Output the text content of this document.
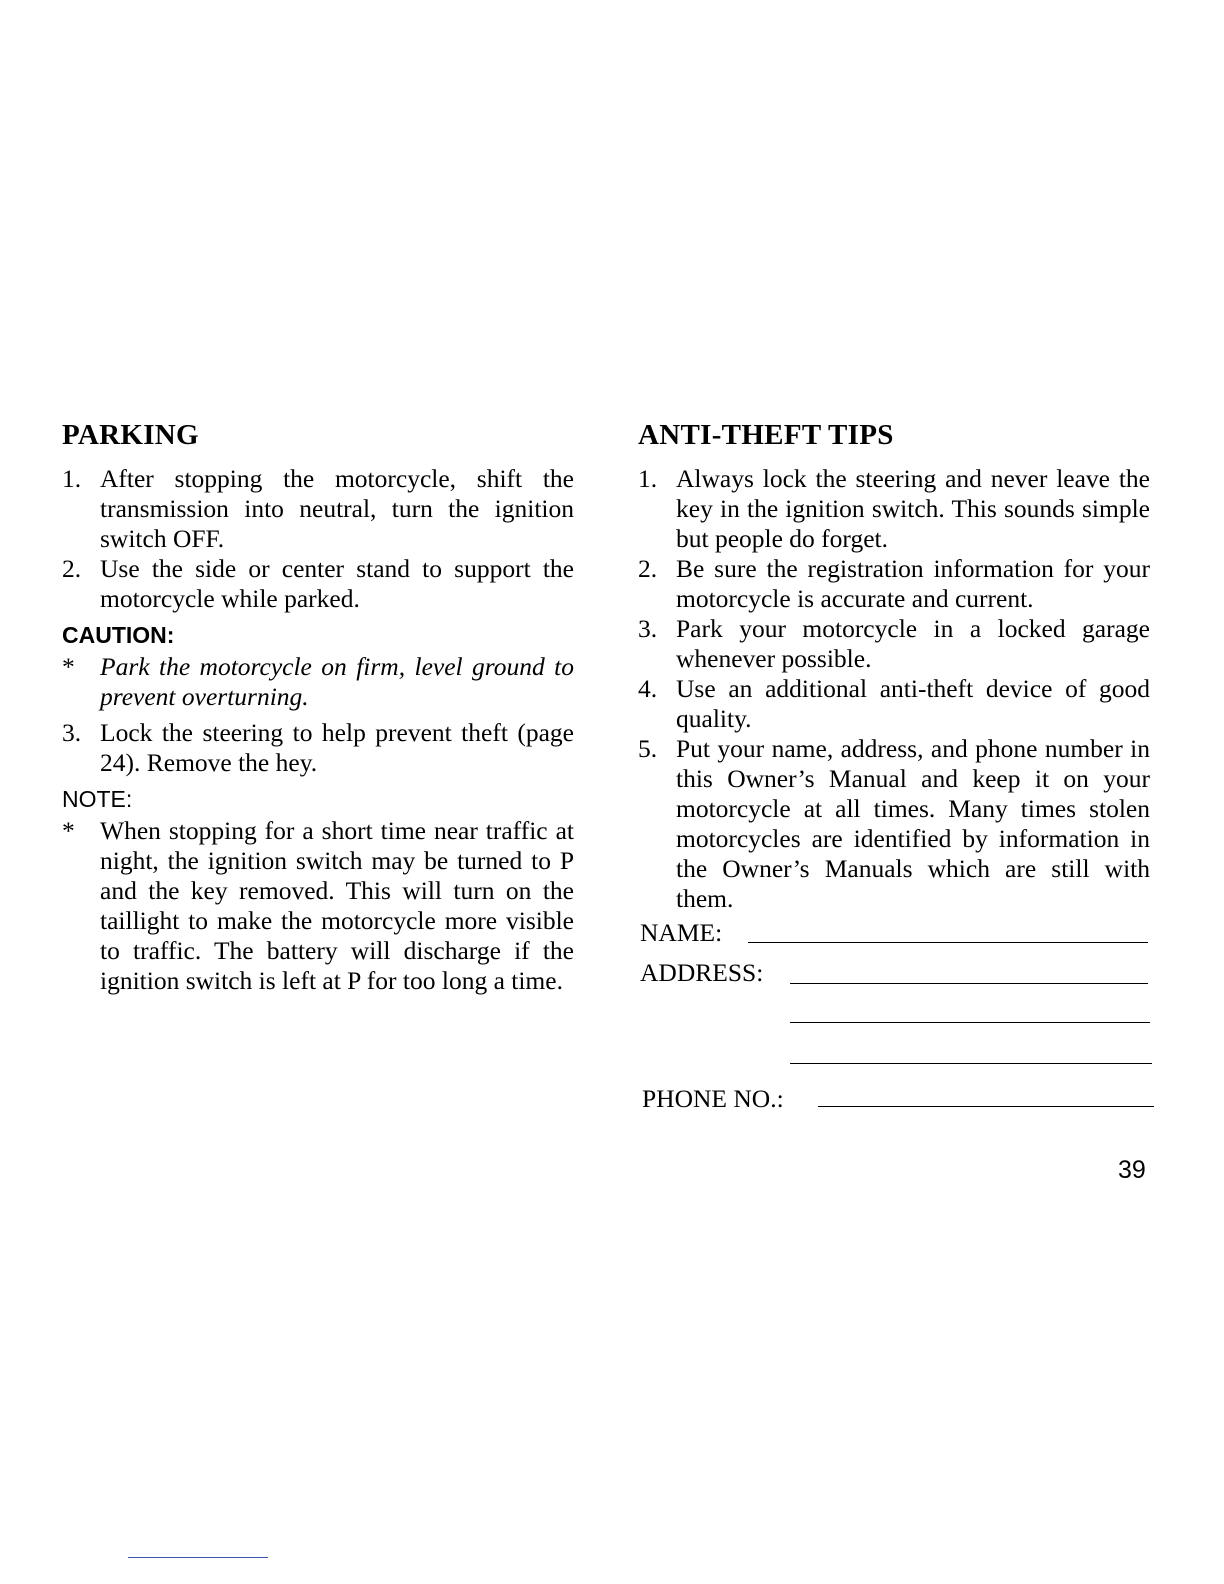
PARKING
1. After stopping the motorcycle, shift the transmission into neutral, turn the ignition switch OFF.
2. Use the side or center stand to support the motorcycle while parked.
CAUTION:
* Park the motorcycle on firm, level ground to prevent overturning.
3. Lock the steering to help prevent theft (page 24). Remove the hey.
NOTE:
* When stopping for a short time near traffic at night, the ignition switch may be turned to P and the key removed. This will turn on the taillight to make the motorcycle more visible to traffic. The battery will discharge if the ignition switch is left at P for too long a time.
ANTI-THEFT TIPS
1. Always lock the steering and never leave the key in the ignition switch. This sounds simple but people do forget.
2. Be sure the registration information for your motorcycle is accurate and current.
3. Park your motorcycle in a locked garage whenever possible.
4. Use an additional anti-theft device of good quality.
5. Put your name, address, and phone number in this Owner’s Manual and keep it on your motorcycle at all times. Many times stolen motorcycles are identified by information in the Owner’s Manuals which are still with them.
NAME:
ADDRESS:
PHONE NO.:
39
